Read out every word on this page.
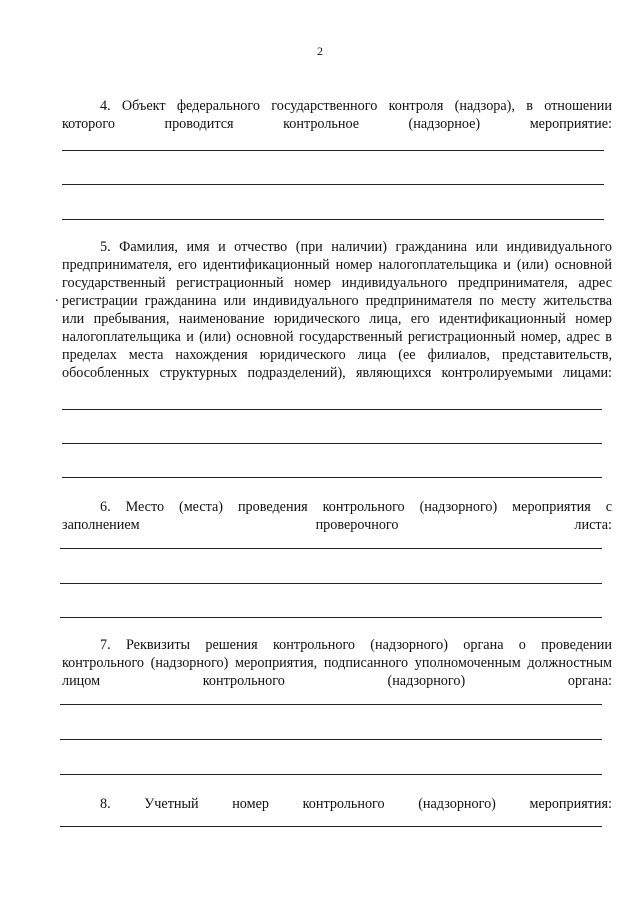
2
.

4. Объект федерального государственного контроля (надзора), в отношении которого проводится контрольное (надзорное) мероприятие:

5. Фамилия, имя и отчество (при наличии) гражданина или индивидуального предпринимателя, его идентификационный номер налогоплательщика и (или) основной государственный регистрационный номер индивидуального предпринимателя, адрес регистрации гражданина или индивидуального предпринимателя по месту жительства или пребывания, наименование юридического лица, его идентификационный номер налогоплательщика и (или) основной государственный регистрационный номер, адрес в пределах места нахождения юридического лица (ее филиалов, представительств, обособленных структурных подразделений), являющихся контролируемыми лицами:

6. Место (места) проведения контрольного (надзорного) мероприятия с заполнением проверочного листа:

7. Реквизиты решения контрольного (надзорного) органа о проведении контрольного (надзорного) мероприятия, подписанного уполномоченным должностным лицом контрольного (надзорного) органа:

8. Учетный номер контрольного (надзорного) мероприятия:
